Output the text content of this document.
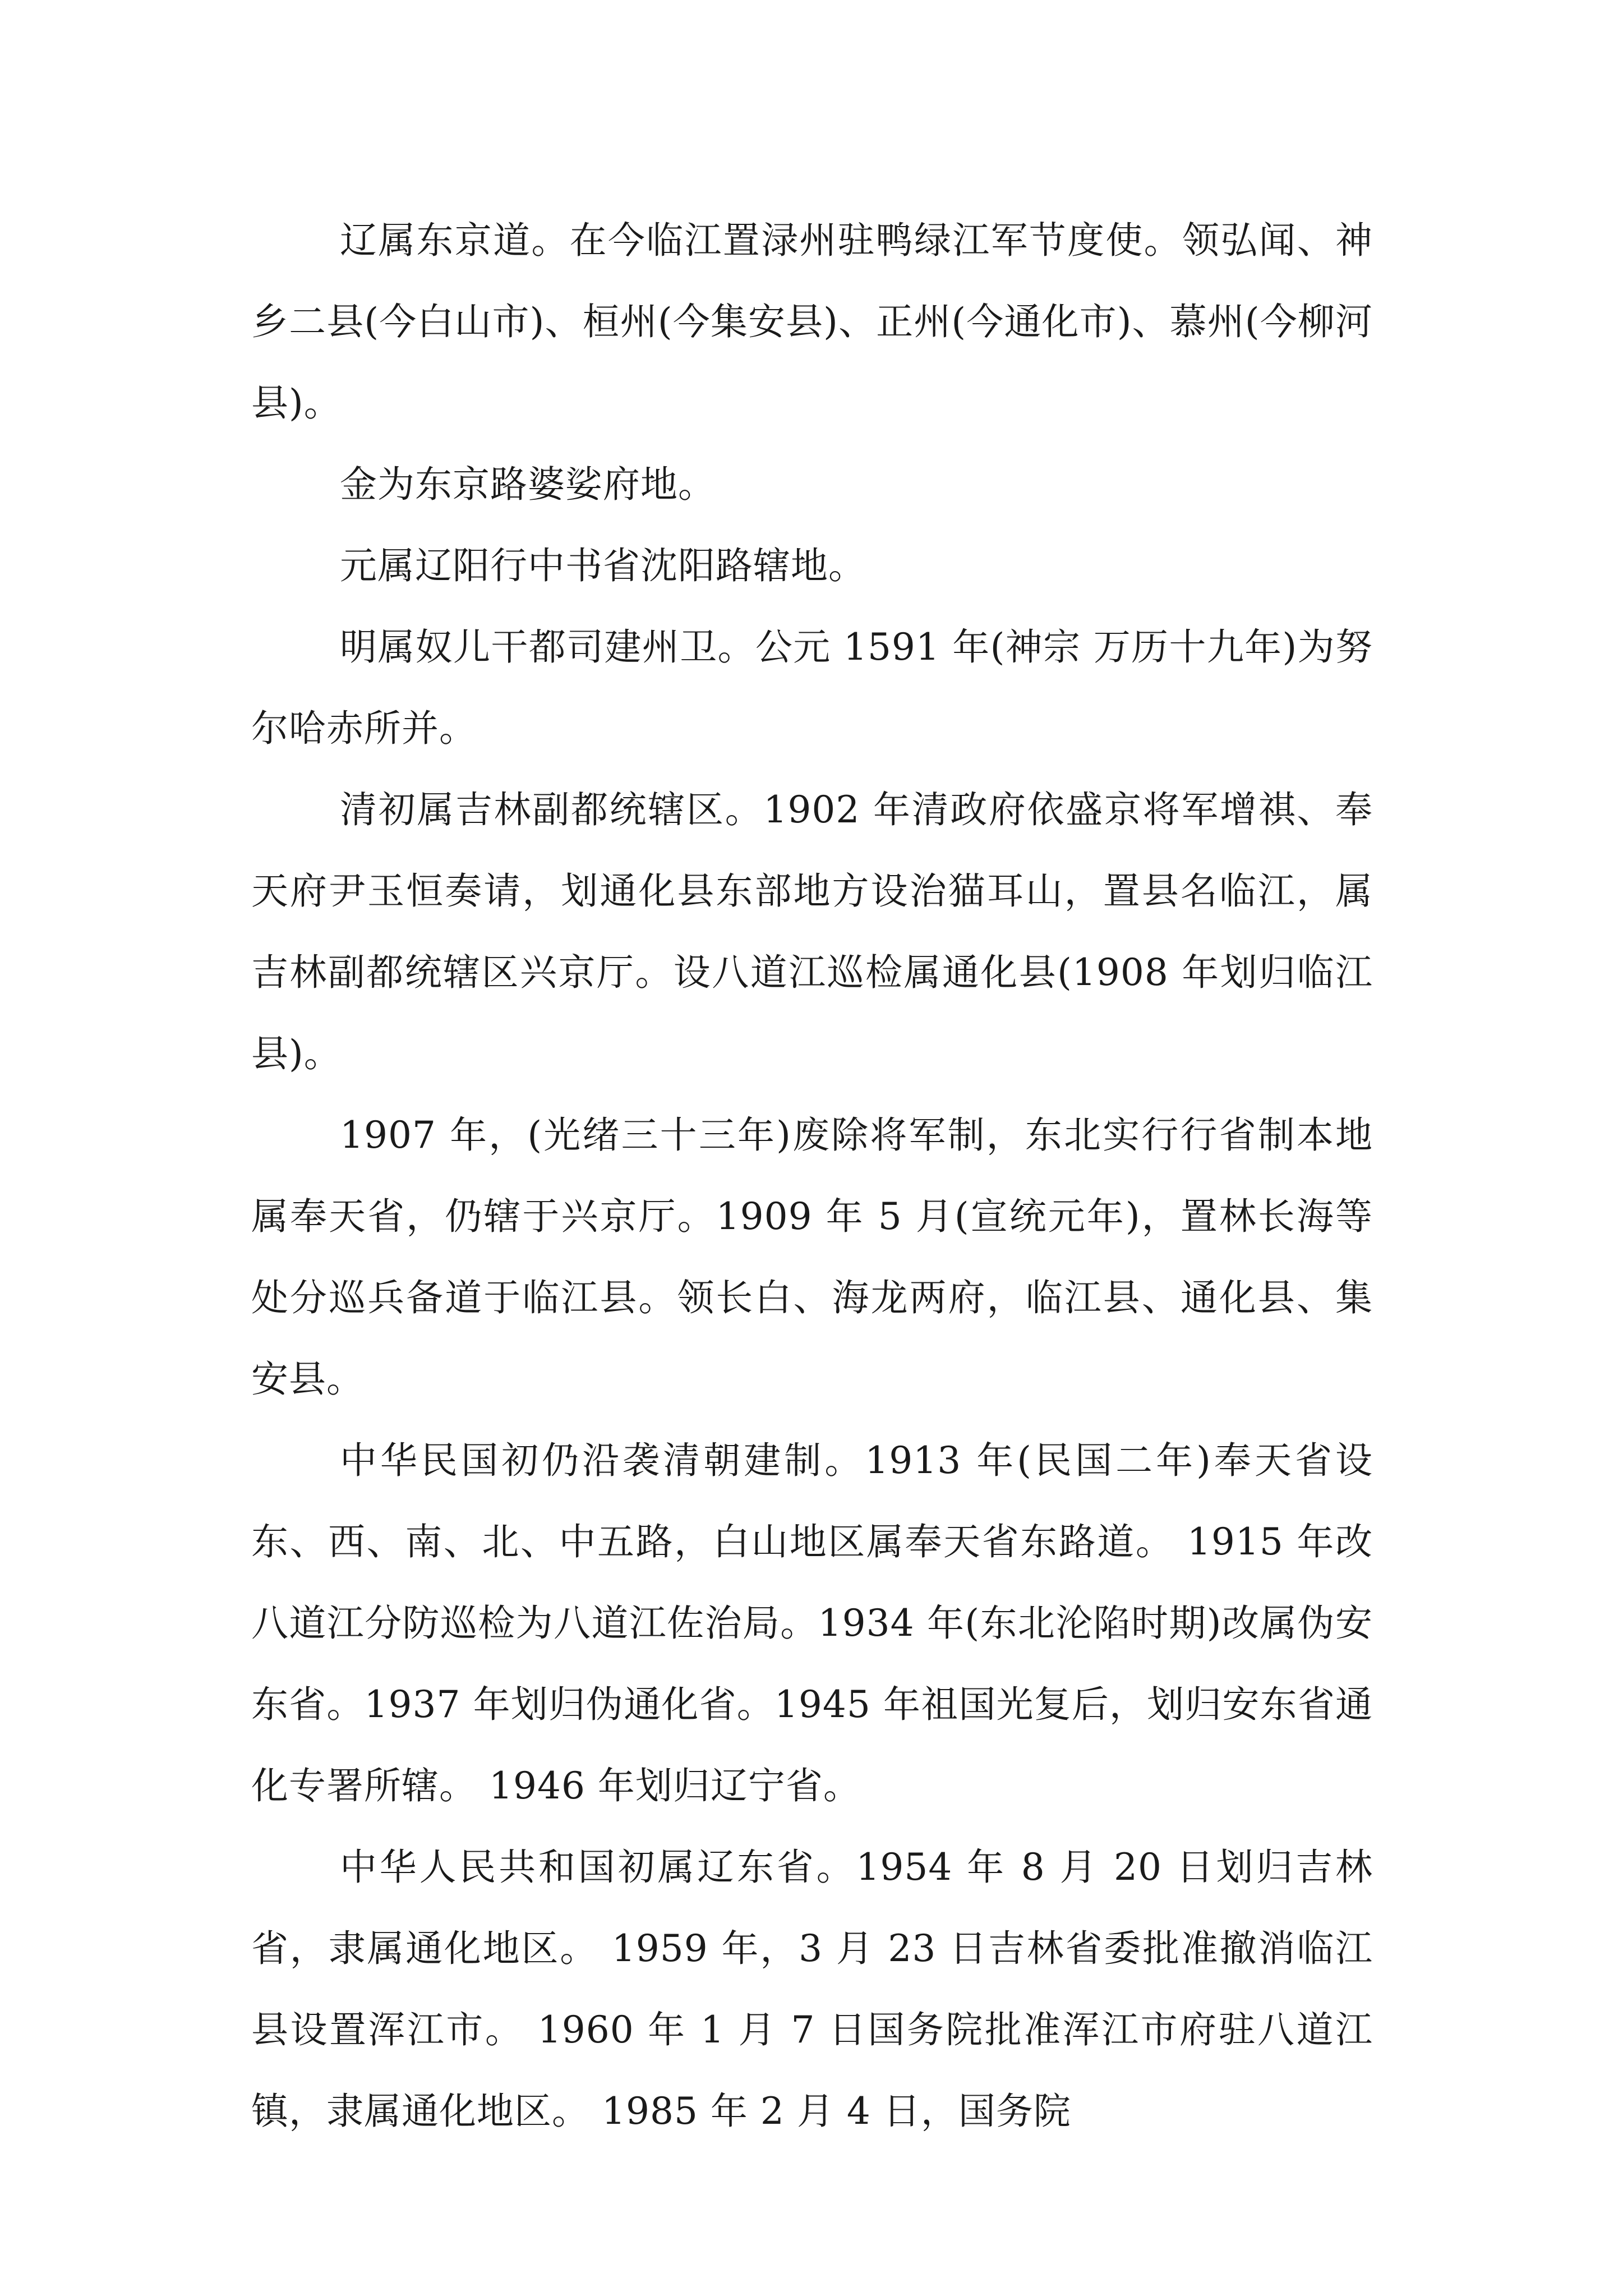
辽属东京道。在今临江置渌州驻鸭绿江军节度使。领弘闻、神乡二县(今白山市)、桓州(今集安县)、正州(今通化市)、慕州(今柳河县)。

金为东京路婆娑府地。

元属辽阳行中书省沈阳路辖地。

明属奴儿干都司建州卫。公元 1591 年(神宗 万历十九年)为努尔哈赤所并。

清初属吉林副都统辖区。1902 年清政府依盛京将军增祺、奉天府尹玉恒奏请，划通化县东部地方设治猫耳山，置县名临江，属吉林副都统辖区兴京厅。设八道江巡检属通化县(1908 年划归临江县)。

1907 年，(光绪三十三年)废除将军制，东北实行行省制本地属奉天省，仍辖于兴京厅。1909 年 5 月(宣统元年)，置林长海等处分巡兵备道于临江县。领长白、海龙两府，临江县、通化县、集安县。

中华民国初仍沿袭清朝建制。1913 年(民国二年)奉天省设东、西、南、北、中五路，白山地区属奉天省东路道。 1915 年改八道江分防巡检为八道江佐治局。1934 年(东北沦陷时期)改属伪安东省。1937 年划归伪通化省。1945 年祖国光复后，划归安东省通化专署所辖。 1946 年划归辽宁省。

中华人民共和国初属辽东省。1954 年 8 月 20 日划归吉林省，隶属通化地区。 1959 年，3 月 23 日吉林省委批准撤消临江县设置浑江市。 1960 年 1 月 7 日国务院批准浑江市府驻八道江镇，隶属通化地区。 1985 年 2 月 4 日，国务院
